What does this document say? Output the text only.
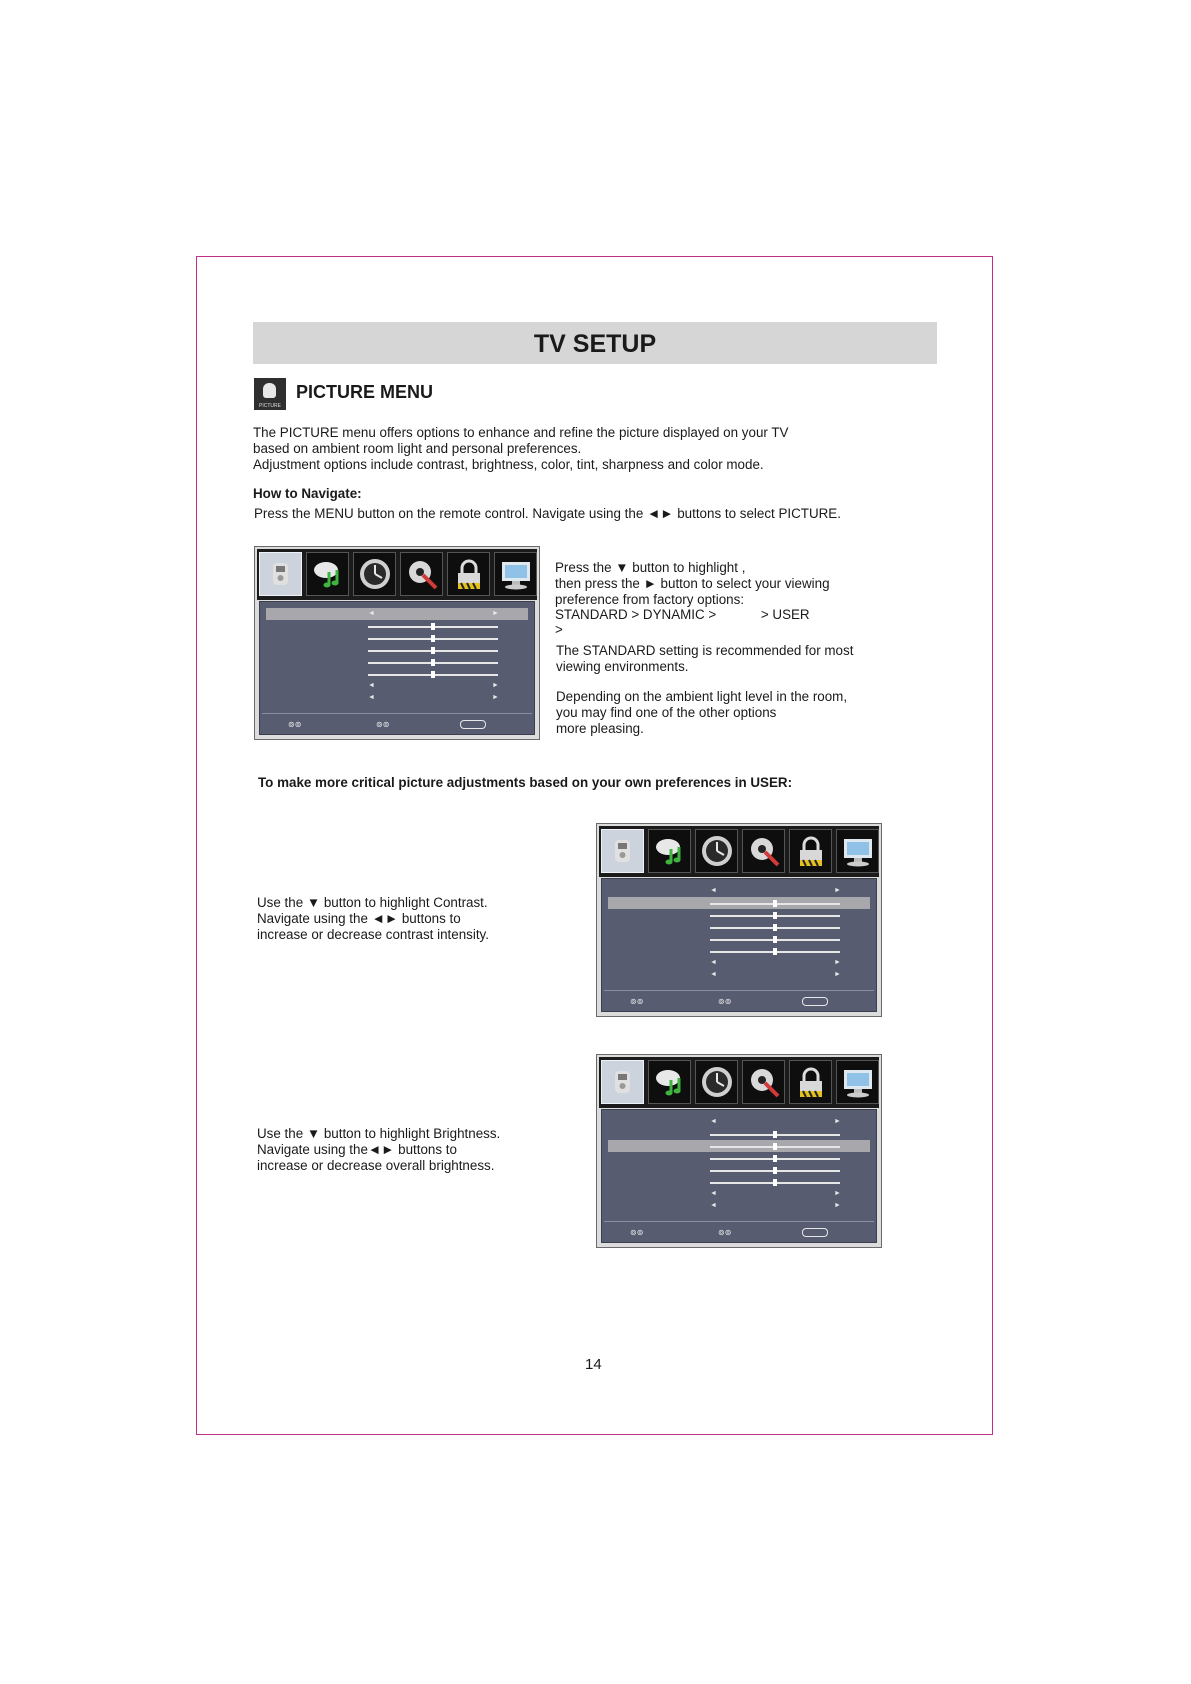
TV SETUP
PICTURE
PICTURE MENU
The PICTURE menu offers options to enhance and refine the picture displayed on your TV
based on ambient room light and personal preferences.
Adjustment options include contrast, brightness, color, tint, sharpness and color mode.
How to Navigate:
Press the MENU button on the remote control. Navigate using the ◄► buttons to select PICTURE.
◄	►
◄	►
◄	►
⊚⊚	⊚⊚
Press the ▼ button to highlight ,
then press the ► button to select your viewing
preference from factory options:
STANDARD > DYNAMIC >            > USER
>
The STANDARD setting is recommended for most
viewing environments.
Depending on the ambient light level in the room,
you may find one of the other options
more pleasing.
To make more critical picture adjustments based on your own preferences in USER:
Use the ▼ button to highlight Contrast.
Navigate using the ◄► buttons to
increase or decrease contrast intensity.
◄	►
◄	►
◄	►
⊚⊚	⊚⊚
Use the ▼ button to highlight Brightness.
Navigate using the◄► buttons to
increase or decrease overall brightness.
◄	►
◄	►
◄	►
⊚⊚	⊚⊚
14
